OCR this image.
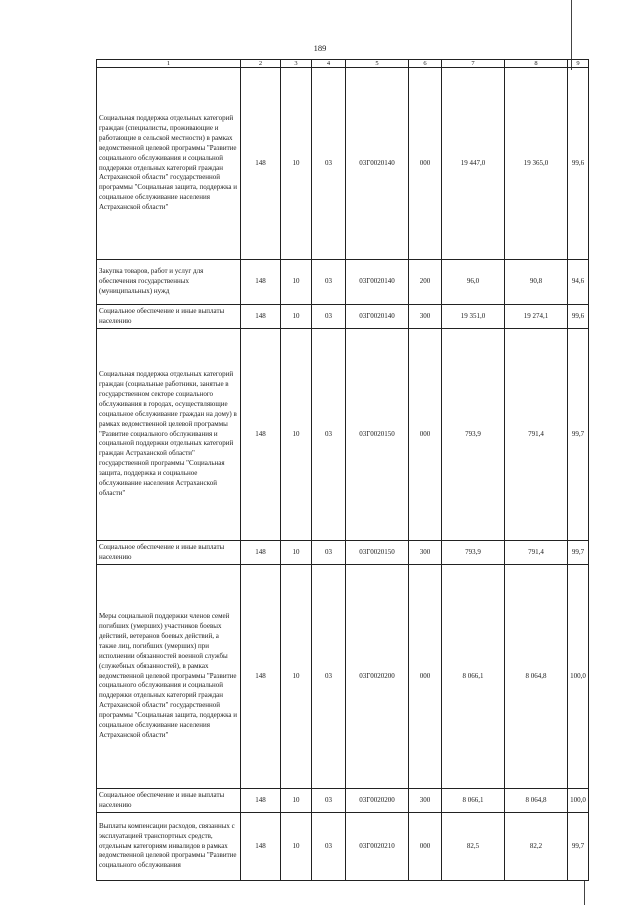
189
1	2	3	4	5	6	7	8	9
Социальная поддержка отдельных категорий граждан (специалисты, проживающие и работающие в сельской местности) в рамках ведомственной целевой программы "Развитие социального обслуживания и социальной поддержки отдельных категорий граждан Астраханской области" государственной программы "Социальная защита, поддержка и социальное обслуживание населения Астраханской области"	148	10	03	03Г0020140	000	19 447,0	19 365,0	99,6
Закупка товаров, работ и услуг для обеспечения государственных (муниципальных) нужд	148	10	03	03Г0020140	200	96,0	90,8	94,6
Социальное обеспечение и иные выплаты населению	148	10	03	03Г0020140	300	19 351,0	19 274,1	99,6
Социальная поддержка отдельных категорий граждан (социальные работники, занятые в государственном секторе социального обслуживания в городах, осуществляющие социальное обслуживание граждан на дому) в рамках ведомственной целевой программы "Развитие социального обслуживания и социальной поддержки отдельных категорий граждан Астраханской области" государственной программы "Социальная защита, поддержка и социальное обслуживание населения Астраханской области"	148	10	03	03Г0020150	000	793,9	791,4	99,7
Социальное обеспечение и иные выплаты населению	148	10	03	03Г0020150	300	793,9	791,4	99,7
Меры социальной поддержки членов семей погибших (умерших) участников боевых действий, ветеранов боевых действий, а также лиц, погибших (умерших) при исполнении обязанностей военной службы (служебных обязанностей), в рамках ведомственной целевой программы "Развитие социального обслуживания и социальной поддержки отдельных категорий граждан Астраханской области" государственной программы "Социальная защита, поддержка и социальное обслуживание населения Астраханской области"	148	10	03	03Г0020200	000	8 066,1	8 064,8	100,0
Социальное обеспечение и иные выплаты населению	148	10	03	03Г0020200	300	8 066,1	8 064,8	100,0
Выплаты компенсации расходов, связанных с эксплуатацией транспортных средств, отдельным категориям инвалидов в рамках ведомственной целевой программы "Развитие социального обслуживания	148	10	03	03Г0020210	000	82,5	82,2	99,7
